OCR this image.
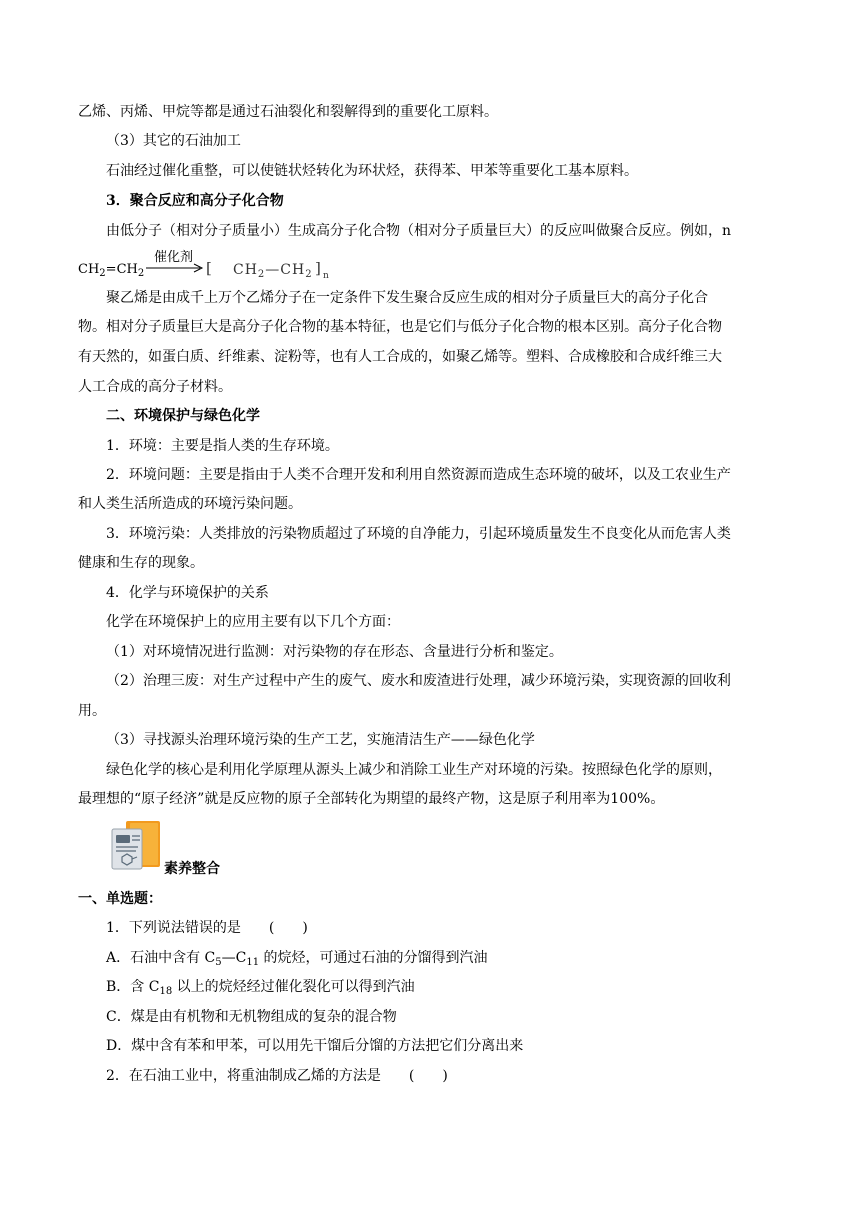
乙烯、丙烯、甲烷等都是通过石油裂化和裂解得到的重要化工原料。
（3）其它的石油加工
石油经过催化重整，可以使链状烃转化为环状烃，获得苯、甲苯等重要化工基本原料。
3．聚合反应和高分子化合物
由低分子（相对分子质量小）生成高分子化合物（相对分子质量巨大）的反应叫做聚合反应。例如，n
$CH_2=CH_2$
催化剂
[ $CH_2—CH_2$ ] n
聚乙烯是由成千上万个乙烯分子在一定条件下发生聚合反应生成的相对分子质量巨大的高分子化合
物。相对分子质量巨大是高分子化合物的基本特征，也是它们与低分子化合物的根本区别。高分子化合物
有天然的，如蛋白质、纤维素、淀粉等，也有人工合成的，如聚乙烯等。塑料、合成橡胶和合成纤维三大
人工合成的高分子材料。
二、环境保护与绿色化学
1．环境：主要是指人类的生存环境。
2．环境问题：主要是指由于人类不合理开发和利用自然资源而造成生态环境的破坏，以及工农业生产
和人类生活所造成的环境污染问题。
3．环境污染：人类排放的污染物质超过了环境的自净能力，引起环境质量发生不良变化从而危害人类
健康和生存的现象。
4．化学与环境保护的关系
化学在环境保护上的应用主要有以下几个方面：
（1）对环境情况进行监测：对污染物的存在形态、含量进行分析和鉴定。
（2）治理三废：对生产过程中产生的废气、废水和废渣进行处理，减少环境污染，实现资源的回收利
用。
（3）寻找源头治理环境污染的生产工艺，实施清洁生产——绿色化学
绿色化学的核心是利用化学原理从源头上减少和消除工业生产对环境的污染。按照绿色化学的原则，
最理想的“原子经济”就是反应物的原子全部转化为期望的最终产物，这是原子利用率为100%。
素养整合
一、单选题：
1．下列说法错误的是　　(　　)
A．石油中含有 $C_5—C_{11}$ 的烷烃，可通过石油的分馏得到汽油
B．含 $C_{18}$ 以上的烷烃经过催化裂化可以得到汽油
C．煤是由有机物和无机物组成的复杂的混合物
D．煤中含有苯和甲苯，可以用先干馏后分馏的方法把它们分离出来
2．在石油工业中，将重油制成乙烯的方法是　　(　　)
